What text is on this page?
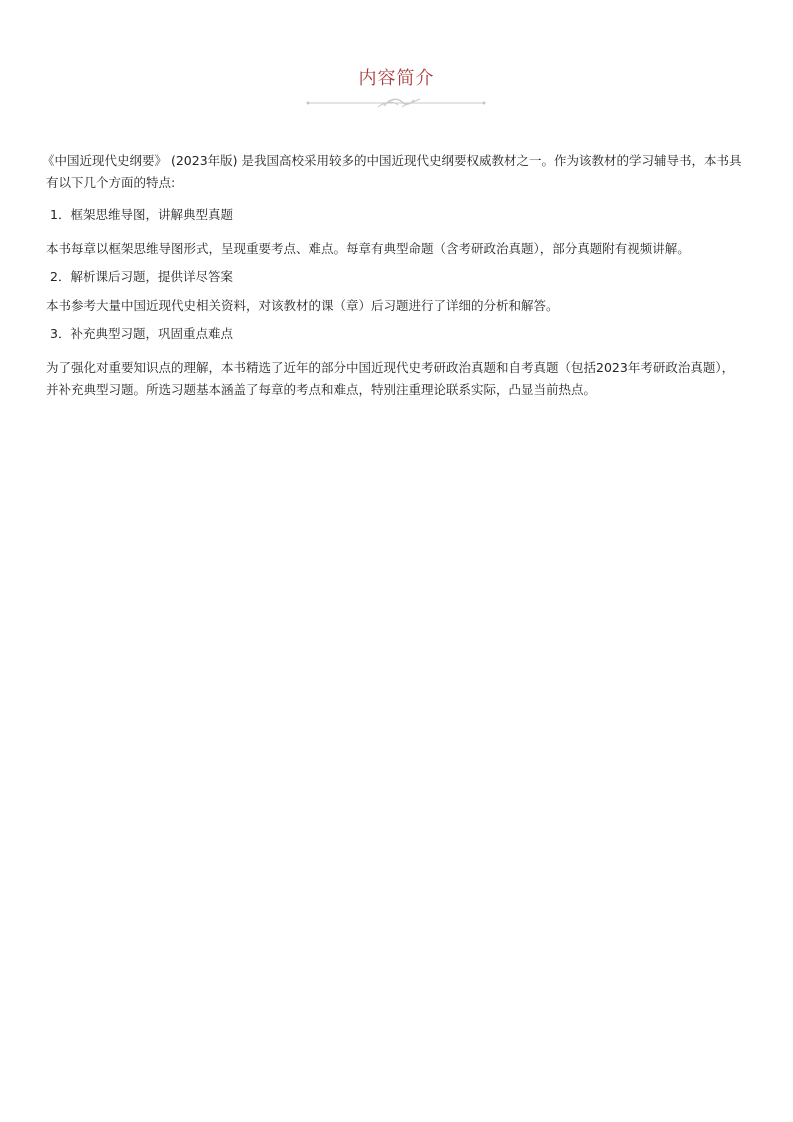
内容简介

《中国近现代史纲要》 (2023年版) 是我国高校采用较多的中国近现代史纲要权威教材之一。作为该教材的学习辅导书，本书具有以下几个方面的特点:

1．框架思维导图，讲解典型真题

本书每章以框架思维导图形式，呈现重要考点、难点。每章有典型命题（含考研政治真题），部分真题附有视频讲解。

2．解析课后习题，提供详尽答案

本书参考大量中国近现代史相关资料，对该教材的课（章）后习题进行了详细的分析和解答。

3．补充典型习题，巩固重点难点

为了强化对重要知识点的理解，本书精选了近年的部分中国近现代史考研政治真题和自考真题（包括2023年考研政治真题），并补充典型习题。所选习题基本涵盖了每章的考点和难点，特别注重理论联系实际，凸显当前热点。
